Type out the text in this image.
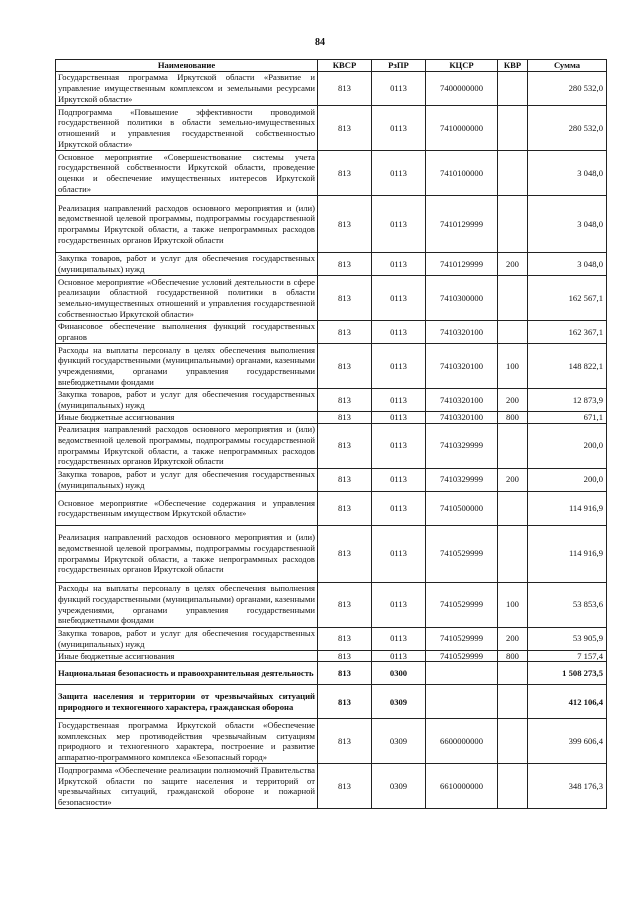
84
Наименование	КВСР	РзПР	КЦСР	КВР	Сумма
Государственная программа Иркутской области «Развитие и управление имущественным комплексом и земельными ресурсами Иркутской области»	813	0113	7400000000		280 532,0
Подпрограмма «Повышение эффективности проводимой государственной политики в области земельно-имущественных отношений и управления государственной собственностью Иркутской области»	813	0113	7410000000		280 532,0
Основное мероприятие «Совершенствование системы учета государственной собственности Иркутской области, проведение оценки и обеспечение имущественных интересов Иркутской области»	813	0113	7410100000		3 048,0
Реализация направлений расходов основного мероприятия и (или) ведомственной целевой программы, подпрограммы государственной программы Иркутской области, а также непрограммных расходов государственных органов Иркутской области	813	0113	7410129999		3 048,0
Закупка товаров, работ и услуг для обеспечения государственных (муниципальных) нужд	813	0113	7410129999	200	3 048,0
Основное мероприятие «Обеспечение условий деятельности в сфере реализации областной государственной политики в области земельно-имущественных отношений и управления государственной собственностью Иркутской области»	813	0113	7410300000		162 567,1
Финансовое обеспечение выполнения функций государственных органов	813	0113	7410320100		162 367,1
Расходы на выплаты персоналу в целях обеспечения выполнения функций государственными (муниципальными) органами, казенными учреждениями, органами управления государственными внебюджетными фондами	813	0113	7410320100	100	148 822,1
Закупка товаров, работ и услуг для обеспечения государственных (муниципальных) нужд	813	0113	7410320100	200	12 873,9
Иные бюджетные ассигнования	813	0113	7410320100	800	671,1
Реализация направлений расходов основного мероприятия и (или) ведомственной целевой программы, подпрограммы государственной программы Иркутской области, а также непрограммных расходов государственных органов Иркутской области	813	0113	7410329999		200,0
Закупка товаров, работ и услуг для обеспечения государственных (муниципальных) нужд	813	0113	7410329999	200	200,0
Основное мероприятие «Обеспечение содержания и управления государственным имуществом Иркутской области»	813	0113	7410500000		114 916,9
Реализация направлений расходов основного мероприятия и (или) ведомственной целевой программы, подпрограммы государственной программы Иркутской области, а также непрограммных расходов государственных органов Иркутской области	813	0113	7410529999		114 916,9
Расходы на выплаты персоналу в целях обеспечения выполнения функций государственными (муниципальными) органами, казенными учреждениями, органами управления государственными внебюджетными фондами	813	0113	7410529999	100	53 853,6
Закупка товаров, работ и услуг для обеспечения государственных (муниципальных) нужд	813	0113	7410529999	200	53 905,9
Иные бюджетные ассигнования	813	0113	7410529999	800	7 157,4
Национальная безопасность и правоохранительная деятельность	813	0300			1 508 273,5
Защита населения и территории от чрезвычайных ситуаций природного и техногенного характера, гражданская оборона	813	0309			412 106,4
Государственная программа Иркутской области «Обеспечение комплексных мер противодействия чрезвычайным ситуациям природного и техногенного характера, построение и развитие аппаратно-программного комплекса «Безопасный город»	813	0309	6600000000		399 606,4
Подпрограмма «Обеспечение реализации полномочий Правительства Иркутской области по защите населения и территорий от чрезвычайных ситуаций, гражданской обороне и пожарной безопасности»	813	0309	6610000000		348 176,3
